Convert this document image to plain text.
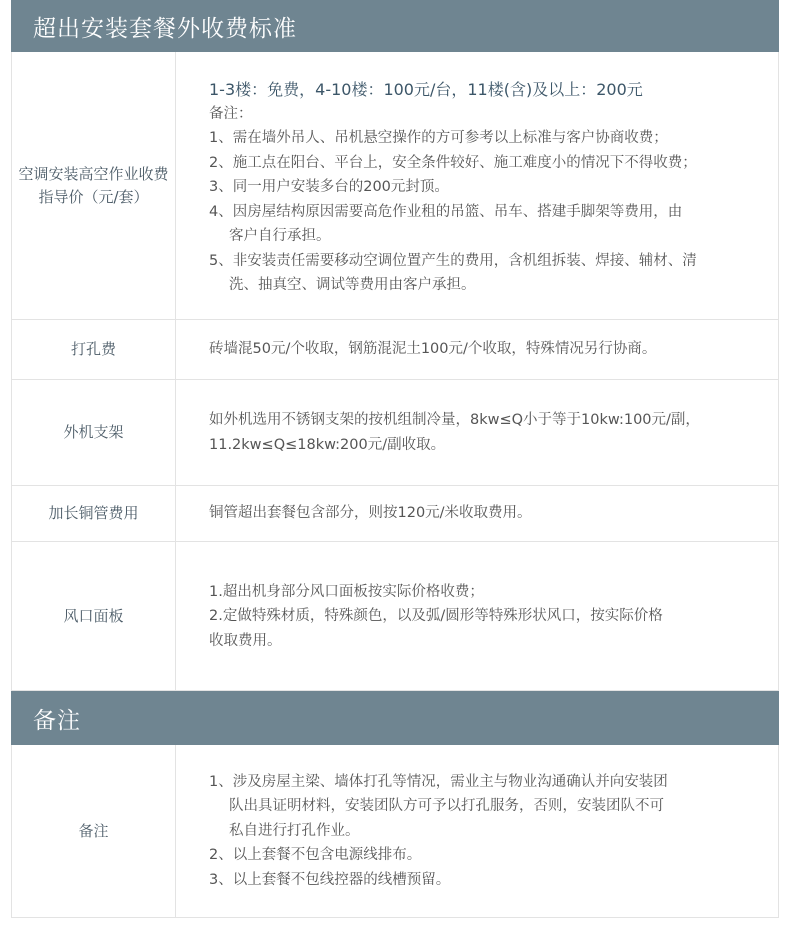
超出安装套餐外收费标准
空调安装高空作业收费指导价（元/套）
1-3楼：免费，4-10楼：100元/台，11楼(含)及以上：200元
备注：
1、需在墙外吊人、吊机悬空操作的方可参考以上标准与客户协商收费；
2、施工点在阳台、平台上，安全条件较好、施工难度小的情况下不得收费；
3、同一用户安装多台的200元封顶。
4、因房屋结构原因需要高危作业租的吊篮、吊车、搭建手脚架等费用，由
客户自行承担。
5、非安装责任需要移动空调位置产生的费用，含机组拆装、焊接、辅材、清
洗、抽真空、调试等费用由客户承担。
打孔费	砖墙混50元/个收取，钢筋混泥土100元/个收取，特殊情况另行协商。
外机支架
如外机选用不锈钢支架的按机组制冷量，8kw≤Q小于等于10kw:100元/副，
11.2kw≤Q≤18kw:200元/副收取。
加长铜管费用	铜管超出套餐包含部分，则按120元/米收取费用。
风口面板
1.超出机身部分风口面板按实际价格收费；
2.定做特殊材质，特殊颜色，以及弧/圆形等特殊形状风口，按实际价格
收取费用。
备注
备注
1、涉及房屋主梁、墙体打孔等情况，需业主与物业沟通确认并向安装团
队出具证明材料，安装团队方可予以打孔服务，否则，安装团队不可
私自进行打孔作业。
2、以上套餐不包含电源线排布。
3、以上套餐不包线控器的线槽预留。
